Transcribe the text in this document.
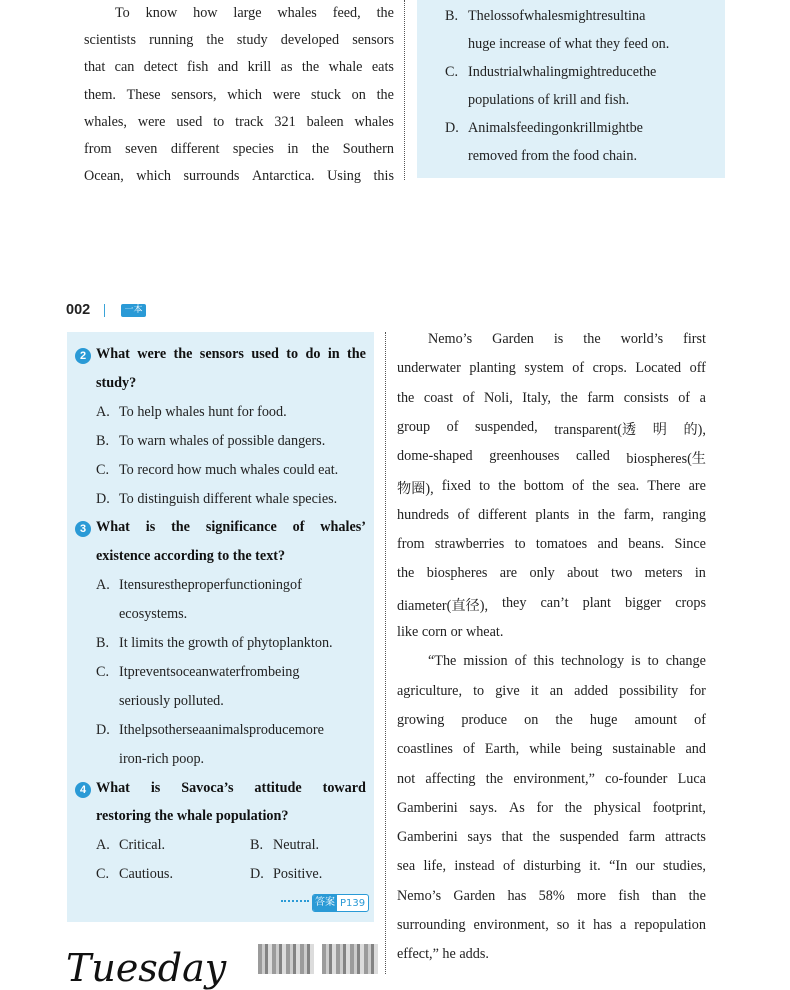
To know how large whales feed, the
scientists running the study developed sensors
that can detect fish and krill as the whale eats
them. These sensors, which were stuck on the
whales, were used to track 321 baleen whales
from seven different species in the Southern
Ocean, which surrounds Antarctica. Using this
B. The loss of whales might result in a
huge increase of what they feed on.
C. Industrial whaling might reduce the
populations of krill and fish.
D. Animals feeding on krill might be
removed from the food chain.
002	一本
2 What were the sensors used to do in the
study?
A. To help whales hunt for food.
B. To warn whales of possible dangers.
C. To record how much whales could eat.
D. To distinguish different whale species.
3 What is the significance of whales’
existence according to the text?
A. It ensures the proper functioning of
ecosystems.
B. It limits the growth of phytoplankton.
C. It prevents ocean water from being
seriously polluted.
D. It helps other sea animals produce more
iron-rich poop.
4 What is Savoca’s attitude toward
restoring the whale population?
A. Critical.	B. Neutral.
C. Cautious.	D. Positive.
答案 P139
Nemo’s Garden is the world’s first
underwater planting system of crops. Located off
the coast of Noli, Italy, the farm consists of a
group of suspended, transparent(透 明 的),
dome-shaped greenhouses called biospheres(生
物圈), fixed to the bottom of the sea. There are
hundreds of different plants in the farm, ranging
from strawberries to tomatoes and beans. Since
the biospheres are only about two meters in
diameter(直径), they can’t plant bigger crops
like corn or wheat.
“The mission of this technology is to change
agriculture, to give it an added possibility for
growing produce on the huge amount of
coastlines of Earth, while being sustainable and
not affecting the environment,” co-founder Luca
Gamberini says. As for the physical footprint,
Gamberini says that the suspended farm attracts
sea life, instead of disturbing it. “In our studies,
Nemo’s Garden has 58% more fish than the
surrounding environment, so it has a repopulation
effect,” he adds.
Tuesday
